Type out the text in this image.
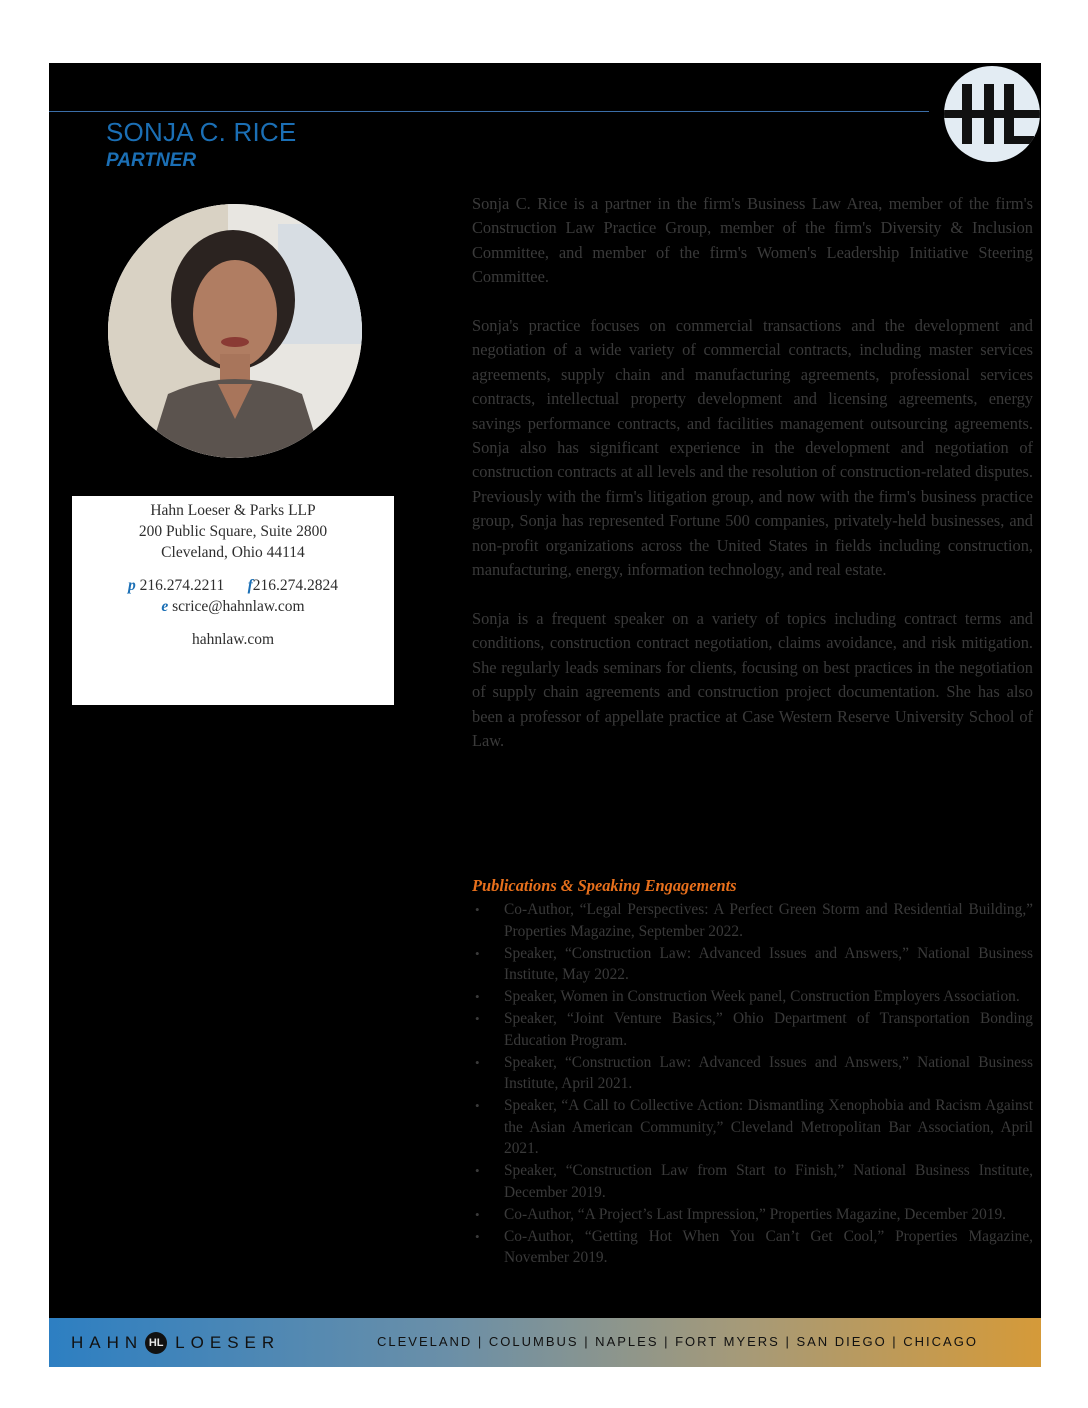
SONJA C. RICE
PARTNER
Hahn Loeser & Parks LLP
200 Public Square, Suite 2800
Cleveland, Ohio 44114
p 216.274.2211 f216.274.2824
e scrice@hahnlaw.com
hahnlaw.com

Sonja C. Rice is a partner in the firm's Business Law Area, member of the firm's Construction Law Practice Group, member of the firm's Diversity & Inclusion Committee, and member of the firm's Women's Leadership Initiative Steering Committee.

Sonja's practice focuses on commercial transactions and the development and negotiation of a wide variety of commercial contracts, including master services agreements, supply chain and manufacturing agreements, professional services contracts, intellectual property development and licensing agreements, energy savings performance contracts, and facilities management outsourcing agreements. Sonja also has significant experience in the development and negotiation of construction contracts at all levels and the resolution of construction-related disputes. Previously with the firm's litigation group, and now with the firm's business practice group, Sonja has represented Fortune 500 companies, privately-held businesses, and non-profit organizations across the United States in fields including construction, manufacturing, energy, information technology, and real estate.

Sonja is a frequent speaker on a variety of topics including contract terms and conditions, construction contract negotiation, claims avoidance, and risk mitigation. She regularly leads seminars for clients, focusing on best practices in the negotiation of supply chain agreements and construction project documentation. She has also been a professor of appellate practice at Case Western Reserve University School of Law.

Publications & Speaking Engagements
• Co-Author, “Legal Perspectives: A Perfect Green Storm and Residential Building,” Properties Magazine, September 2022.
• Speaker, “Construction Law: Advanced Issues and Answers,” National Business Institute, May 2022.
• Speaker, Women in Construction Week panel, Construction Employers Association.
• Speaker, “Joint Venture Basics,” Ohio Department of Transportation Bonding Education Program.
• Speaker, “Construction Law: Advanced Issues and Answers,” National Business Institute, April 2021.
• Speaker, “A Call to Collective Action: Dismantling Xenophobia and Racism Against the Asian American Community,” Cleveland Metropolitan Bar Association, April 2021.
• Speaker, “Construction Law from Start to Finish,” National Business Institute, December 2019.
• Co-Author, “A Project’s Last Impression,” Properties Magazine, December 2019.
• Co-Author, “Getting Hot When You Can’t Get Cool,” Properties Magazine, November 2019.
HAHN HL LOESER	CLEVELAND | COLUMBUS | NAPLES | FORT MYERS | SAN DIEGO | CHICAGO
